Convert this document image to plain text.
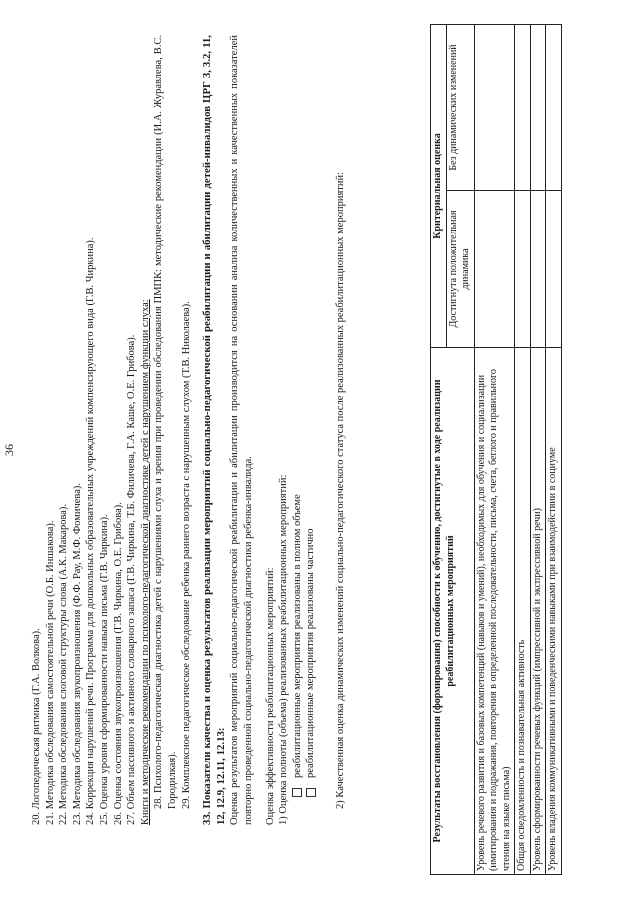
36
20. Логопедическая ритмика (Г.А. Волкова). 21. Методика обследования самостоятельной речи (О.Б. Иншакова). 22. Методика обследования слоговой структуры слова (А.К. Макарова). 23. Методика обследования звукопроизношения (Ф.Ф. Рау, М.Ф. Фомичева). 24. Коррекция нарушений речи. Программа для дошкольных образовательных учреждений компенсирующего вида (Г.В. Чиркина). 25. Оценка уровня сформированности навыка письма (Г.В. Чиркина). 26. Оценка состояния звукопроизношения (Г.В. Чиркина, О.Е. Грибова). 27. Объем пассивного и активного словарного запаса (Г.В. Чиркина, Т.Б. Филичева, Г.А. Каше, О.Е. Грибова). Книги и методические рекомендации по психолого-педагогической диагностике детей с нарушением функции слуха: 28. Психолого-педагогическая диагностика детей с нарушениями слуха и зрения при проведении обследования ПМПК: методические рекомендации (И.А. Журавлева, В.С. Городилкая). 29. Комплексное педагогическое обследование ребенка раннего возраста с нарушенным слухом (Т.В. Николаева). 33. Показатели качества и оценка результатов реализации мероприятий социально-педагогической реабилитации и абилитации детей-инвалидов ЦРГ 3, 3.2, 11, 12, 12.9, 12.11, 12.13: Оценка результатов мероприятий социально-педагогической реабилитации и абилитации производится на основании анализа количественных и качественных показателей повторно проведенной социально-педагогической диагностики ребенка-инвалида. Оценка эффективности реабилитационных мероприятий: 1) Оценка полноты (объема) реализованных реабилитационных мероприятий: реабилитационные мероприятия реализованы в полном объеме реабилитационные мероприятия реализованы частично 2) Качественная оценка динамических изменений социально-педагогического статуса после реализованных реабилитационных мероприятий:	Результаты восстановления (формирования) способности к обучению, достигнутые в ходе реализации реабилитационных мероприятий	Критериальная оценка	
	Достигнута положительная динамика	Без динамических изменений
Уровень речевого развития и базовых компетенций (навыков и умений), необходимых для обучения и социализации (имитирования и подражания, повторения в определенной последовательности, письма, счета, беглого и правильного чтения на языке письма)		
Общая осведомленность и познавательная активность		
Уровень сформированности речевых функций (импрессивной и экспрессивной речи)		
Уровень владения коммуникативными и поведенческими навыками при взаимодействии в социуме		
